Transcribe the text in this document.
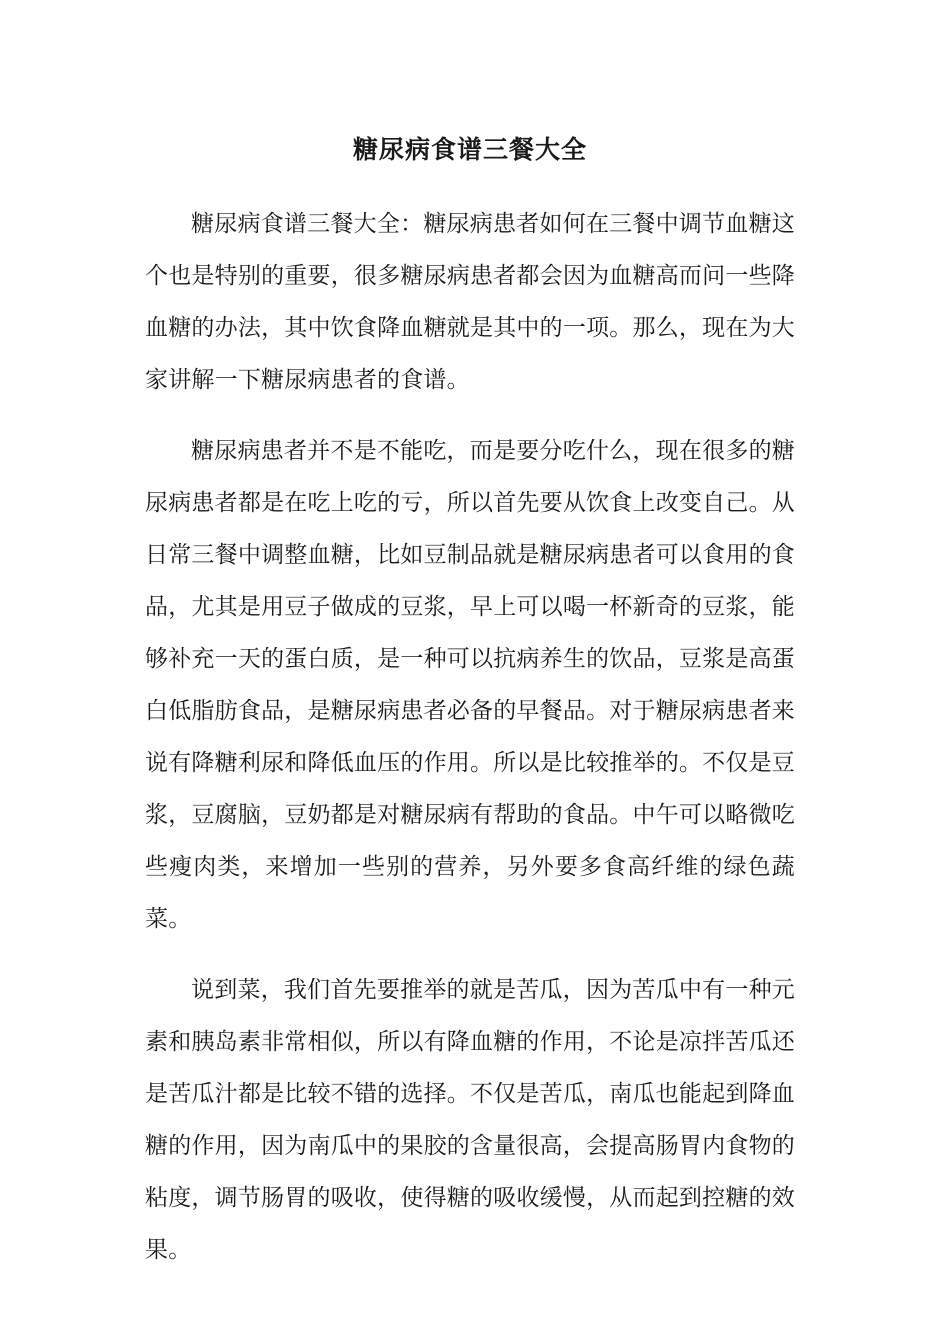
糖尿病食谱三餐大全

糖尿病食谱三餐大全：糖尿病患者如何在三餐中调节血糖这个也是特别的重要，很多糖尿病患者都会因为血糖高而问一些降血糖的办法，其中饮食降血糖就是其中的一项。那么，现在为大家讲解一下糖尿病患者的食谱。

糖尿病患者并不是不能吃，而是要分吃什么，现在很多的糖尿病患者都是在吃上吃的亏，所以首先要从饮食上改变自己。从日常三餐中调整血糖，比如豆制品就是糖尿病患者可以食用的食品，尤其是用豆子做成的豆浆，早上可以喝一杯新奇的豆浆，能够补充一天的蛋白质，是一种可以抗病养生的饮品，豆浆是高蛋白低脂肪食品，是糖尿病患者必备的早餐品。对于糖尿病患者来说有降糖利尿和降低血压的作用。所以是比较推举的。不仅是豆浆，豆腐脑，豆奶都是对糖尿病有帮助的食品。中午可以略微吃些瘦肉类，来增加一些别的营养，另外要多食高纤维的绿色蔬菜。

说到菜，我们首先要推举的就是苦瓜，因为苦瓜中有一种元素和胰岛素非常相似，所以有降血糖的作用，不论是凉拌苦瓜还是苦瓜汁都是比较不错的选择。不仅是苦瓜，南瓜也能起到降血糖的作用，因为南瓜中的果胶的含量很高，会提高肠胃内食物的粘度，调节肠胃的吸收，使得糖的吸收缓慢，从而起到控糖的效果。
